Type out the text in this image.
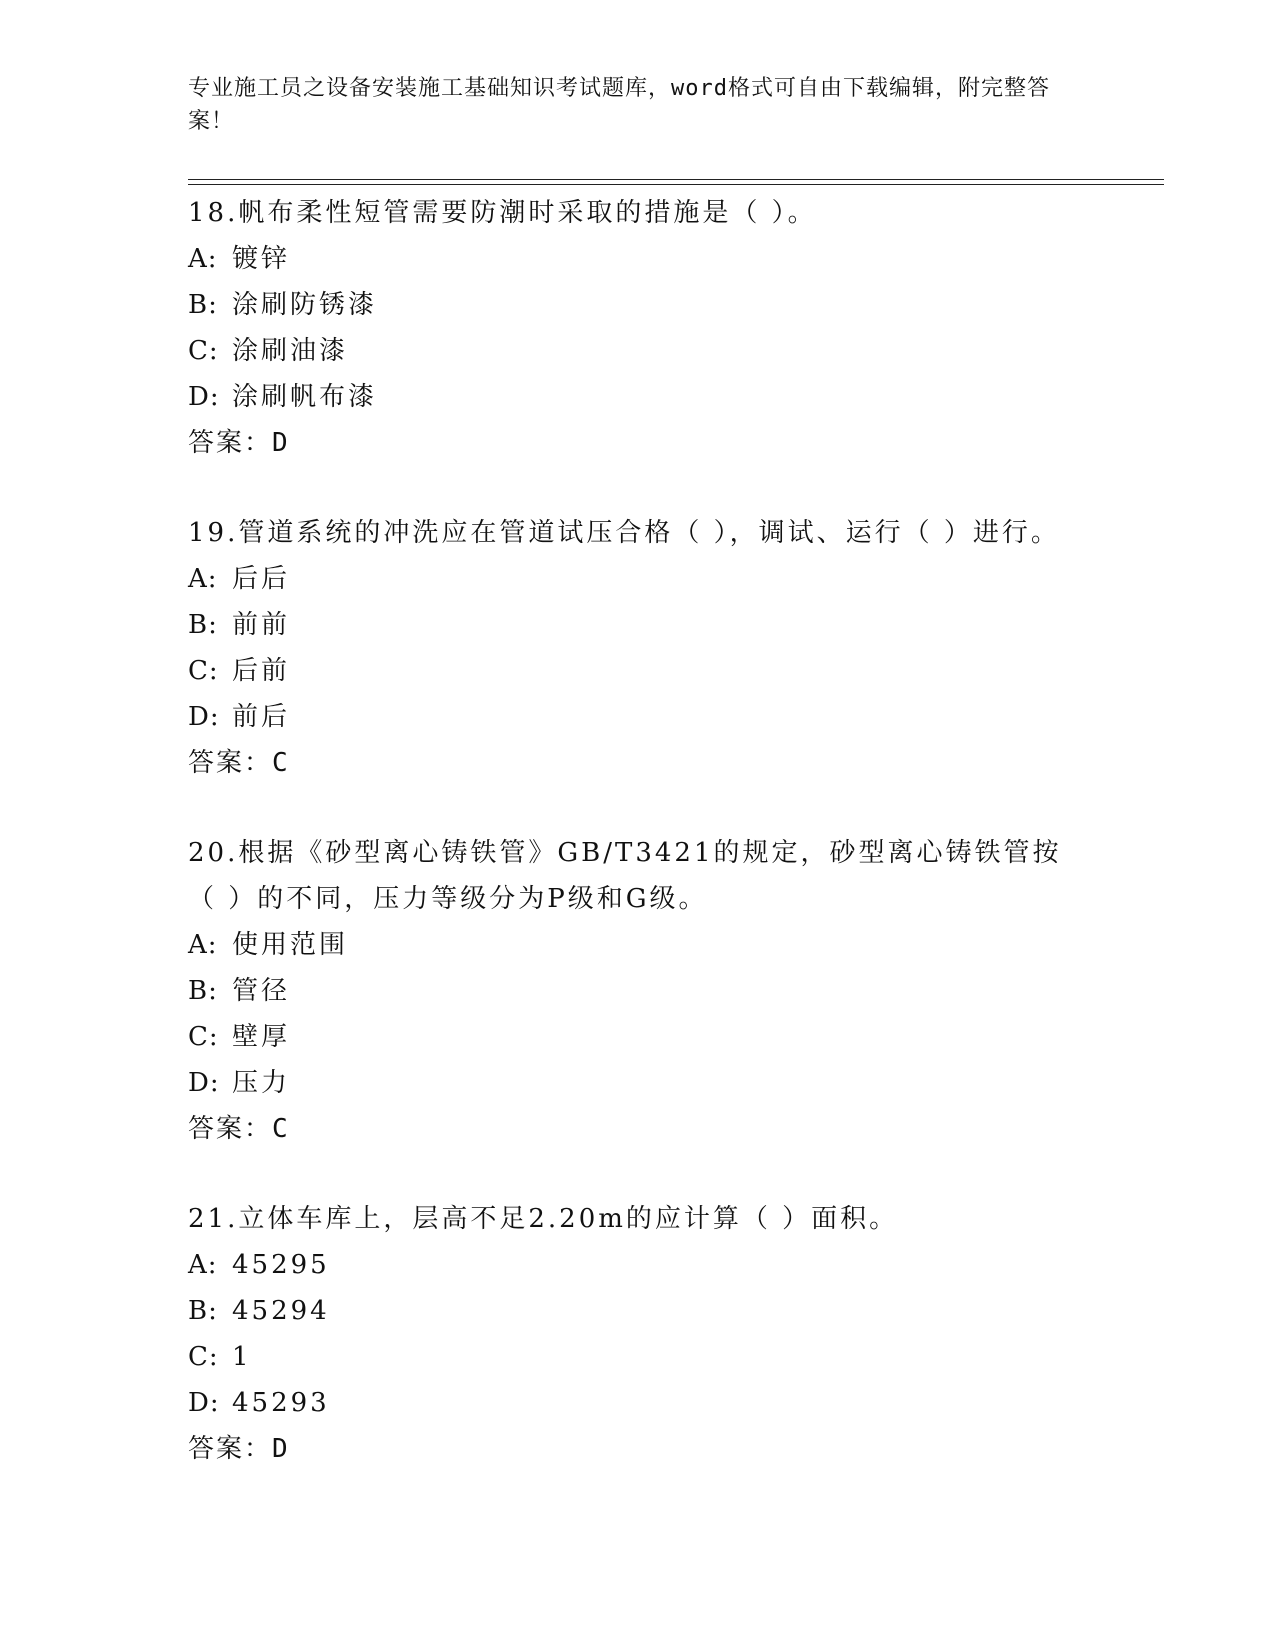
专业施工员之设备安装施工基础知识考试题库，word格式可自由下载编辑，附完整答案！
18.帆布柔性短管需要防潮时采取的措施是（ ）。
A: 镀锌
B: 涂刷防锈漆
C: 涂刷油漆
D: 涂刷帆布漆
答案：D
19.管道系统的冲洗应在管道试压合格（ ），调试、运行（ ）进行。
A: 后后
B: 前前
C: 后前
D: 前后
答案：C
20.根据《砂型离心铸铁管》GB/T3421的规定，砂型离心铸铁管按（ ）的不同，压力等级分为P级和G级。
A: 使用范围
B: 管径
C: 壁厚
D: 压力
答案：C
21.立体车库上，层高不足2.20m的应计算（ ）面积。
A: 45295
B: 45294
C: 1
D: 45293
答案：D
